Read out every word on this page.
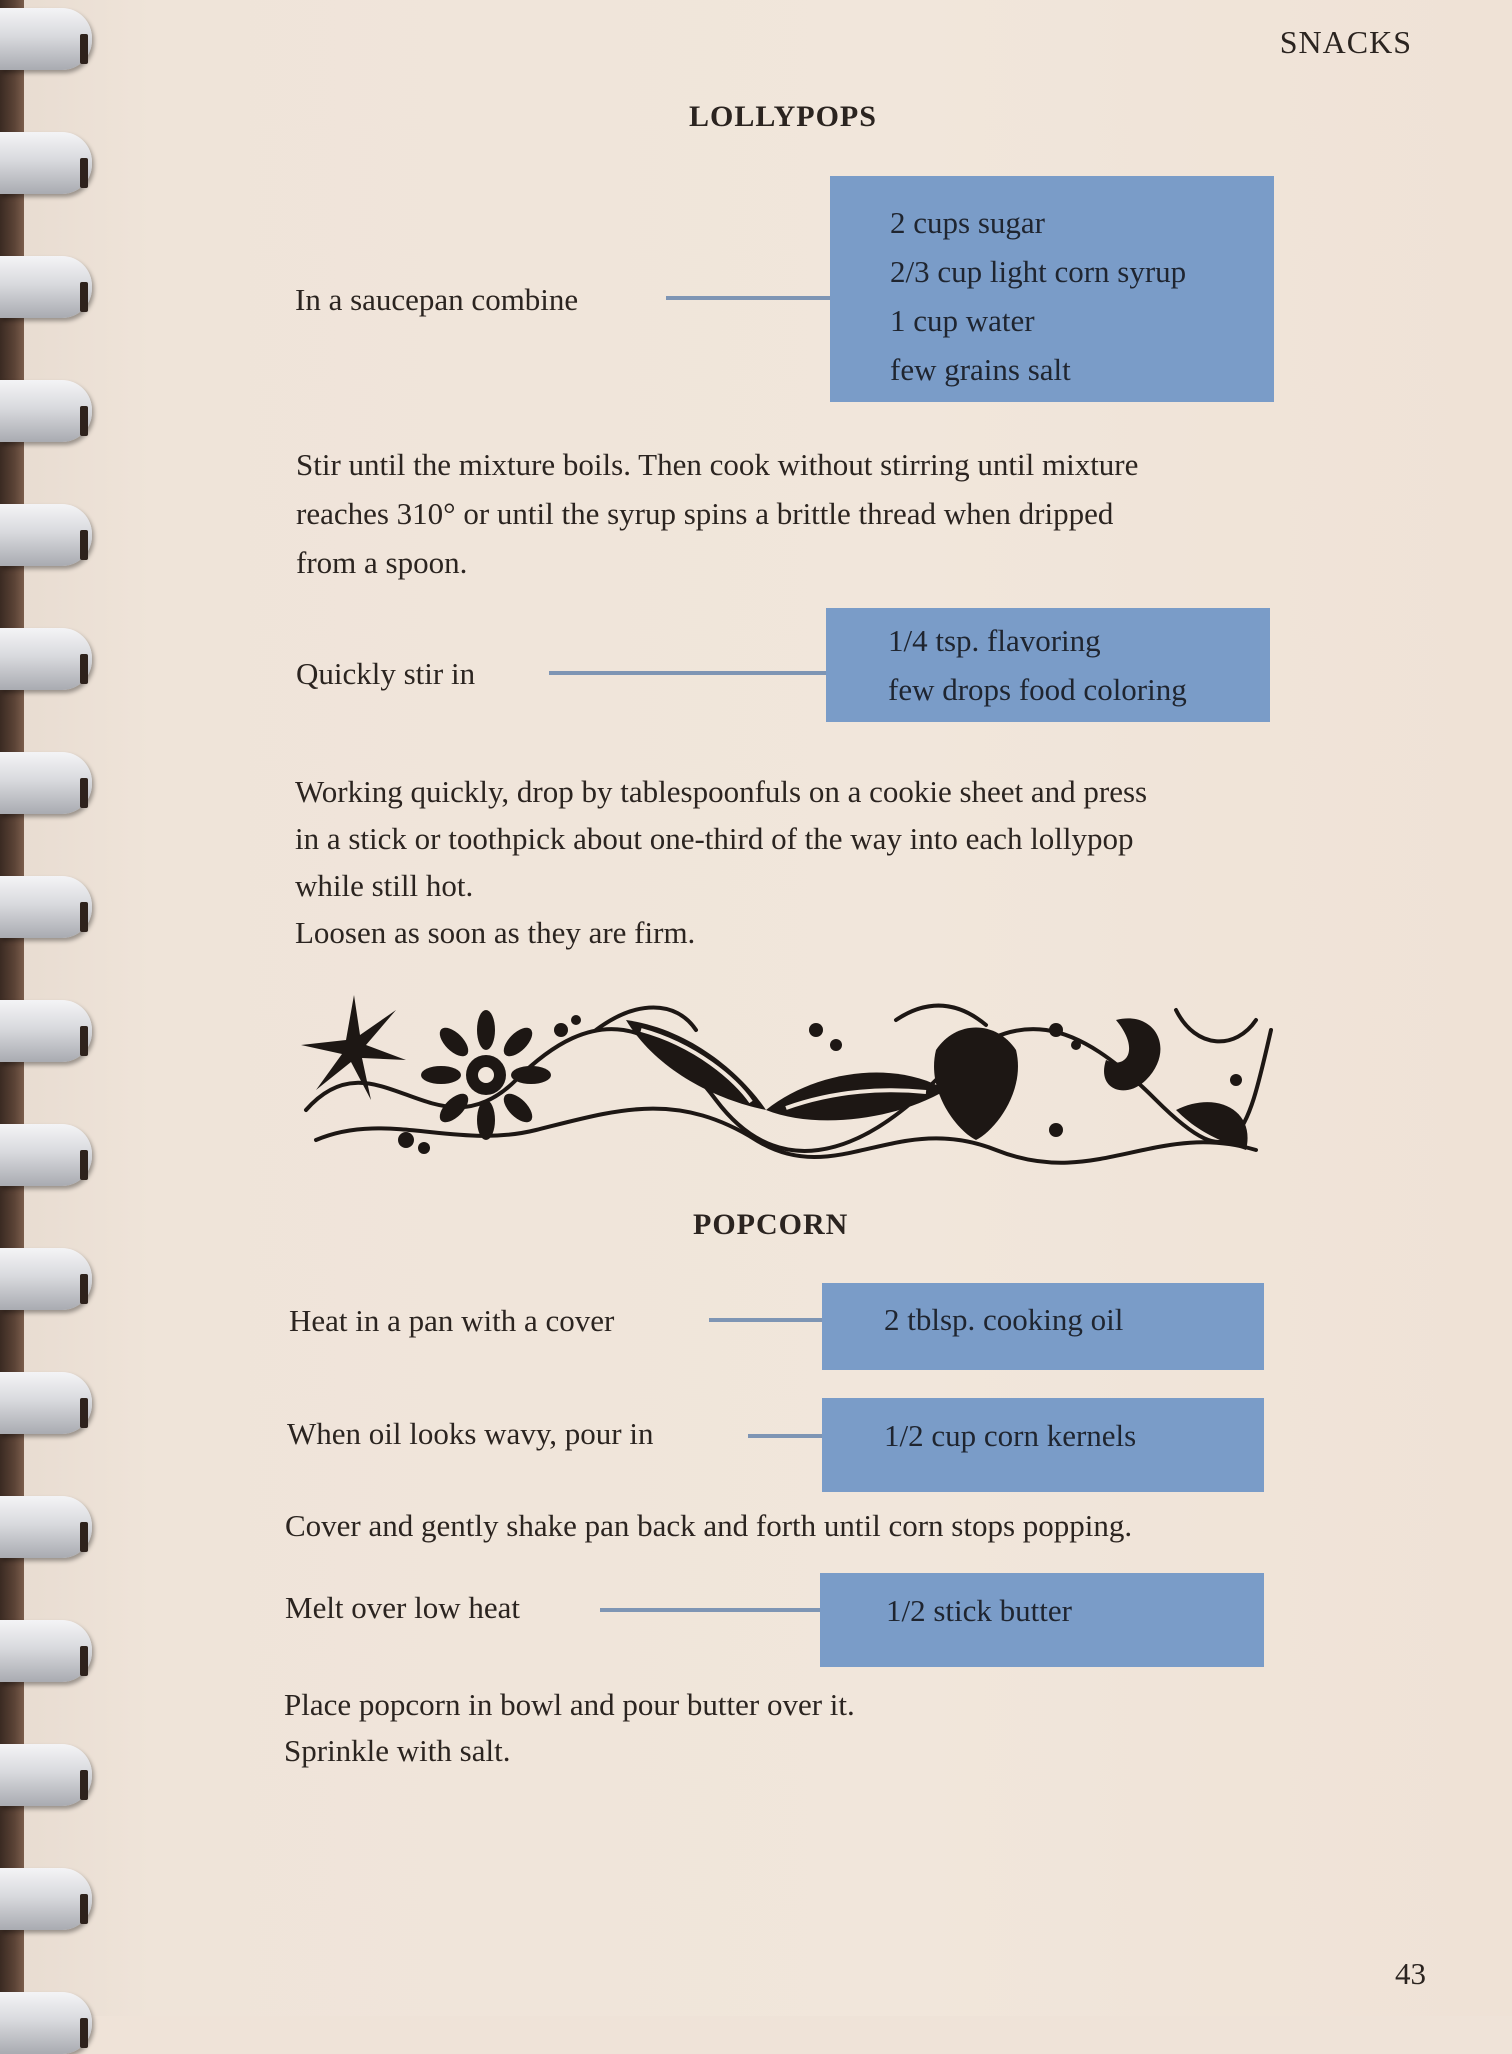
SNACKS
LOLLYPOPS
In a saucepan combine
2 cups sugar
2/3 cup light corn syrup
1 cup water
few grains salt

Stir until the mixture boils. Then cook without stirring until mixture
reaches 310° or until the syrup spins a brittle thread when dripped
from a spoon.

Quickly stir in
1/4 tsp. flavoring
few drops food coloring

Working quickly, drop by tablespoonfuls on a cookie sheet and press
in a stick or toothpick about one-third of the way into each lollypop
while still hot.
Loosen as soon as they are firm.

POPCORN
Heat in a pan with a cover	2 tblsp. cooking oil
When oil looks wavy, pour in	1/2 cup corn kernels
Cover and gently shake pan back and forth until corn stops popping.
Melt over low heat	1/2 stick butter

Place popcorn in bowl and pour butter over it.
Sprinkle with salt.

43
